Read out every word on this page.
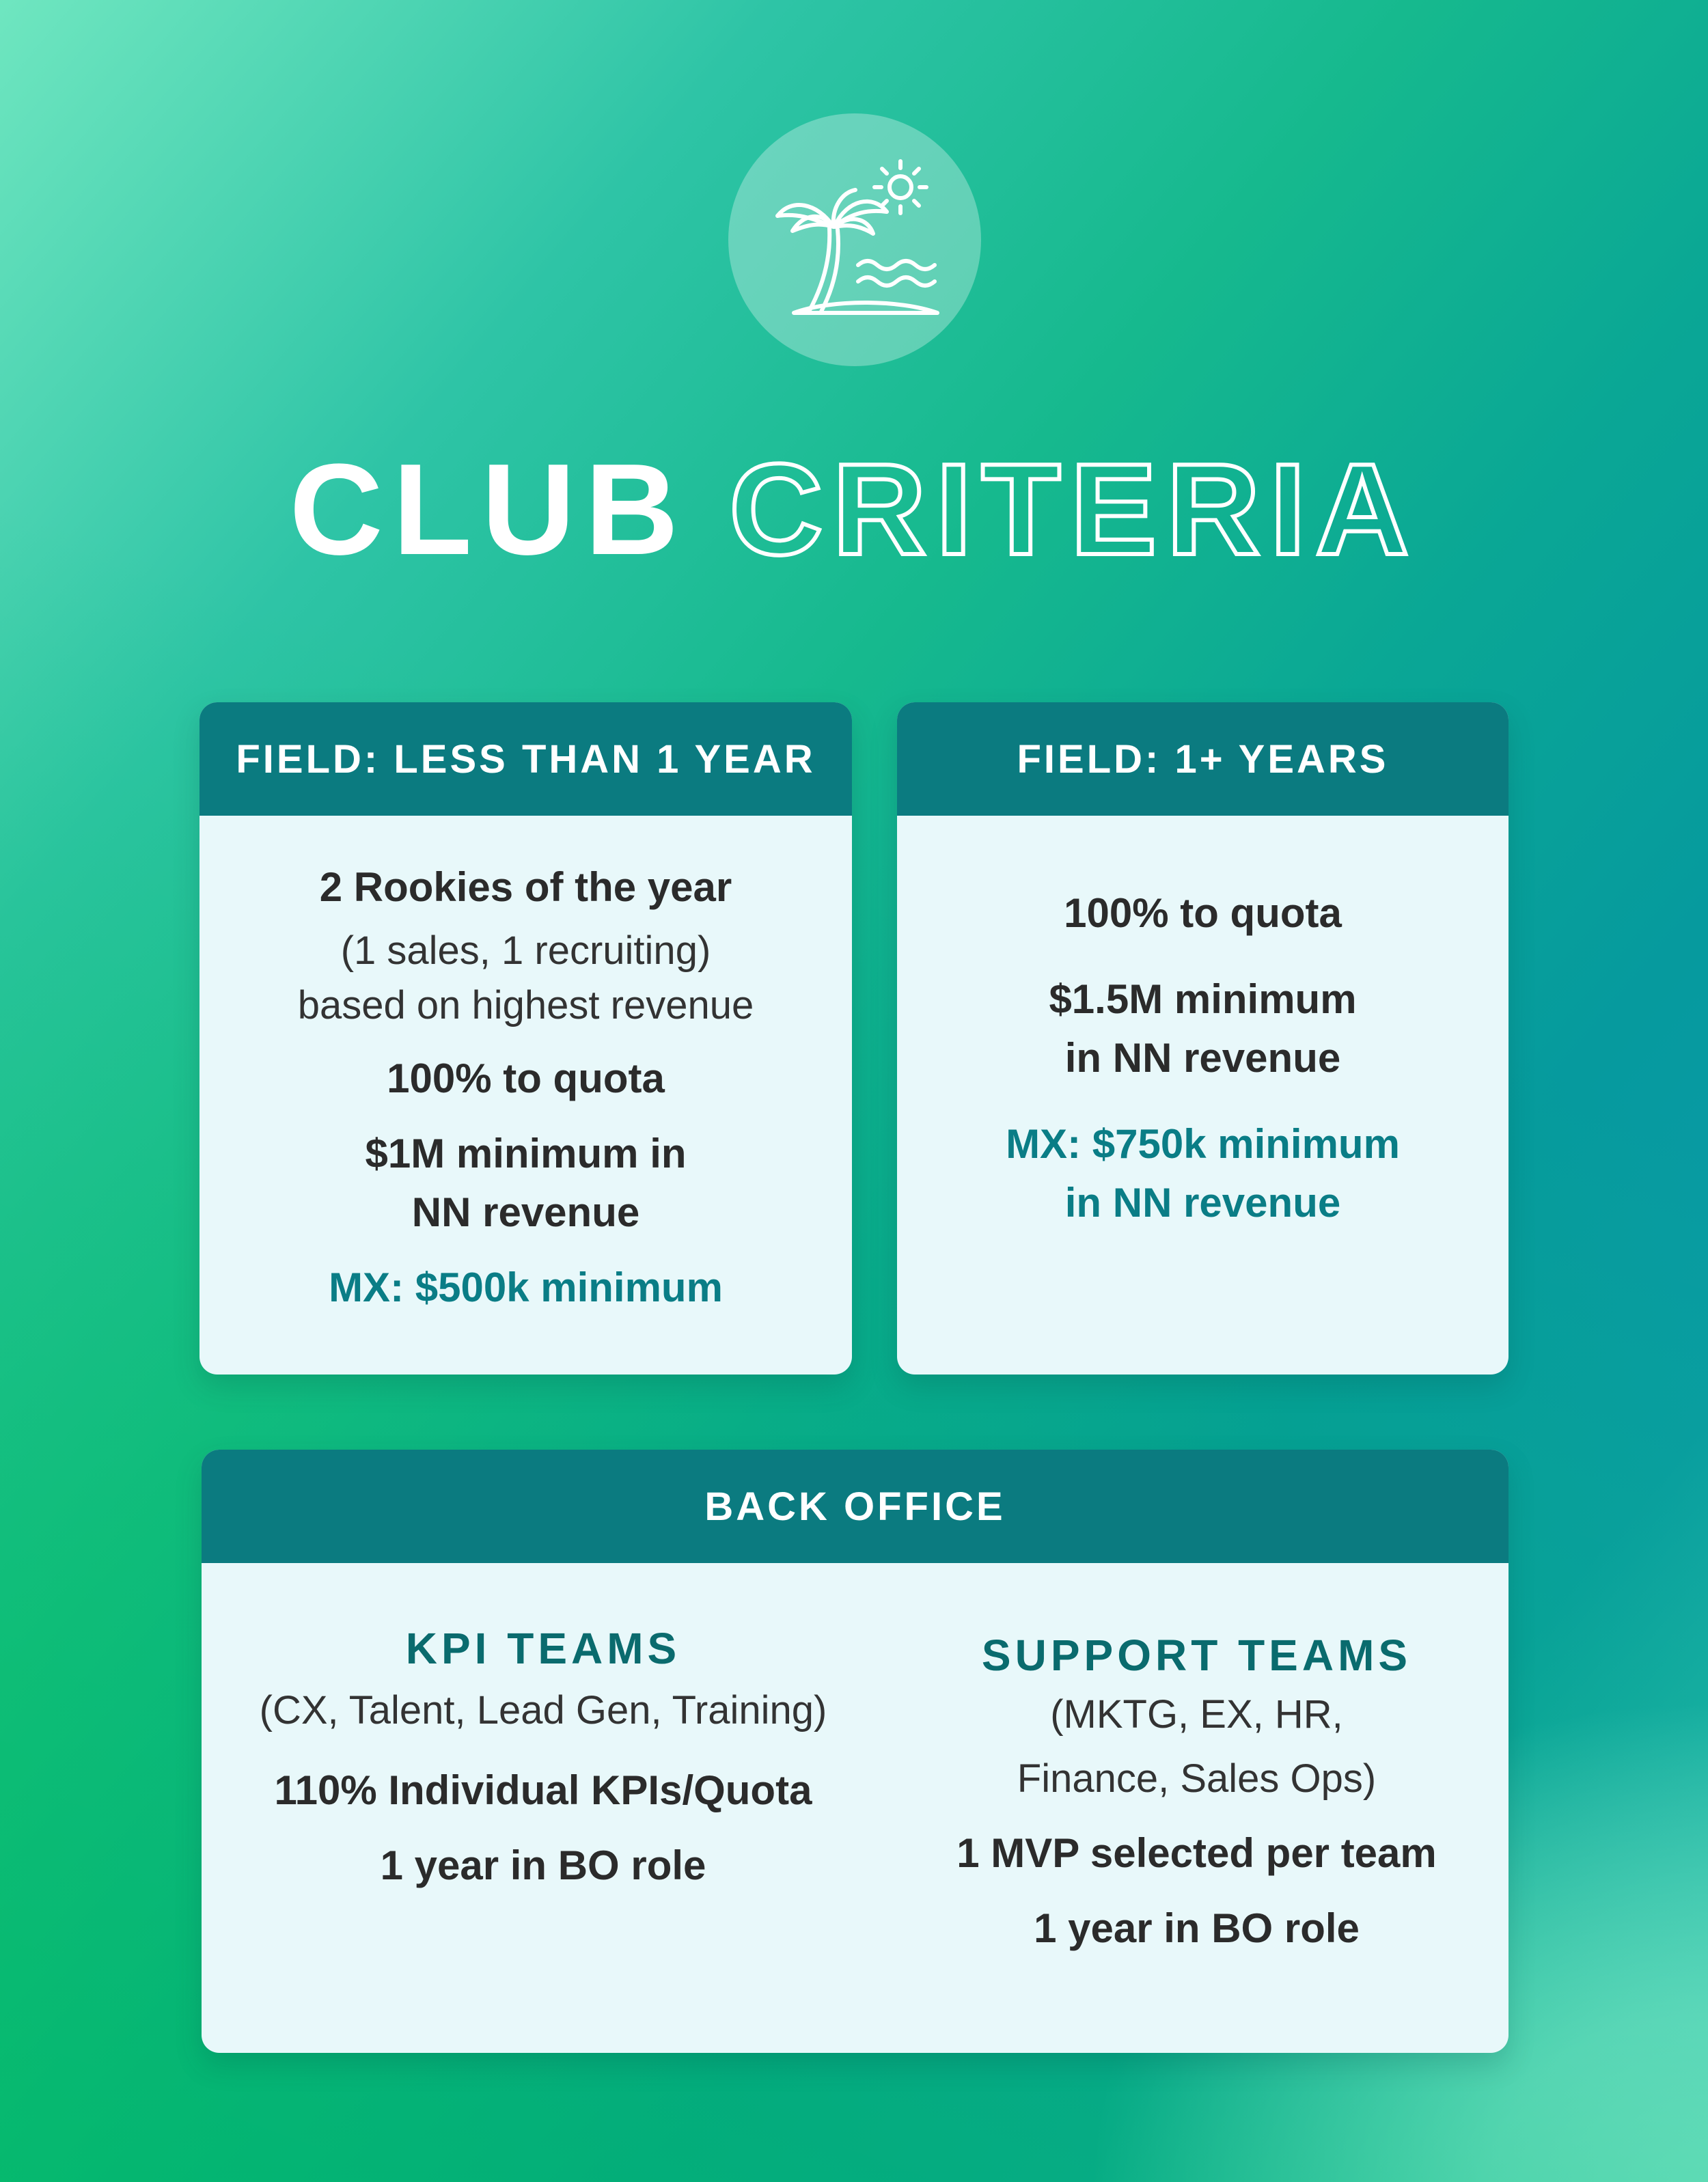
CLUB CRITERIA
FIELD: LESS THAN 1 YEAR
2 Rookies of the year
(1 sales, 1 recruiting)
based on highest revenue
100% to quota
$1M minimum in
NN revenue
MX: $500k minimum
FIELD: 1+ YEARS
100% to quota
$1.5M minimum
in NN revenue
MX: $750k minimum
in NN revenue
BACK OFFICE
KPI TEAMS
(CX, Talent, Lead Gen, Training)
110% Individual KPIs/Quota
1 year in BO role
SUPPORT TEAMS
(MKTG, EX, HR,
Finance, Sales Ops)
1 MVP selected per team
1 year in BO role
